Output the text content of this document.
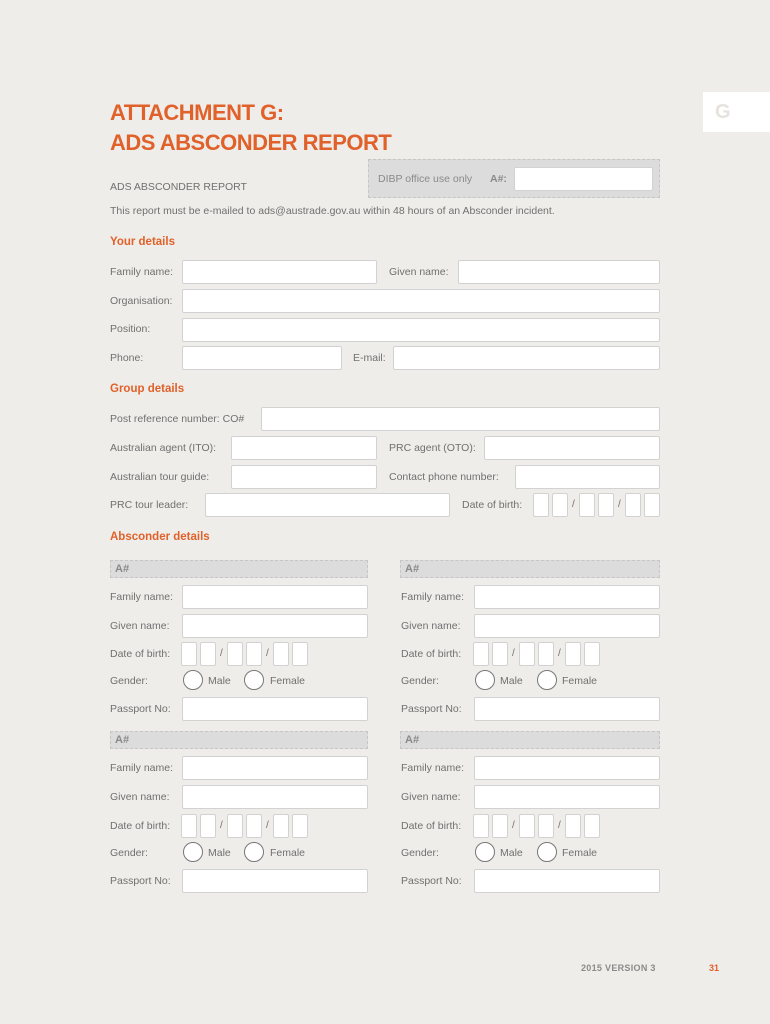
ATTACHMENT G:
ADS ABSCONDER REPORT
G
DIBP office use only A#:
ADS ABSCONDER REPORT
This report must be e-mailed to ads@austrade.gov.au within 48 hours of an Absconder incident.
Your details
Family name:	Given name:
Organisation:
Position:
Phone:	E-mail:
Group details
Post reference number: CO#
Australian agent (ITO):	PRC agent (OTO):
Australian tour guide:	Contact phone number:
PRC tour leader:	Date of birth:	/	/
Absconder details
A#
Family name:
Given name:
Date of birth:	/	/
Gender:	Male	Female
Passport No:
A#
Family name:
Given name:
Date of birth:	/	/
Gender:	Male	Female
Passport No:
A#
Family name:
Given name:
Date of birth:	/	/
Gender:	Male	Female
Passport No:
A#
Family name:
Given name:
Date of birth:	/	/
Gender:	Male	Female
Passport No:
2015 VERSION 3	31
